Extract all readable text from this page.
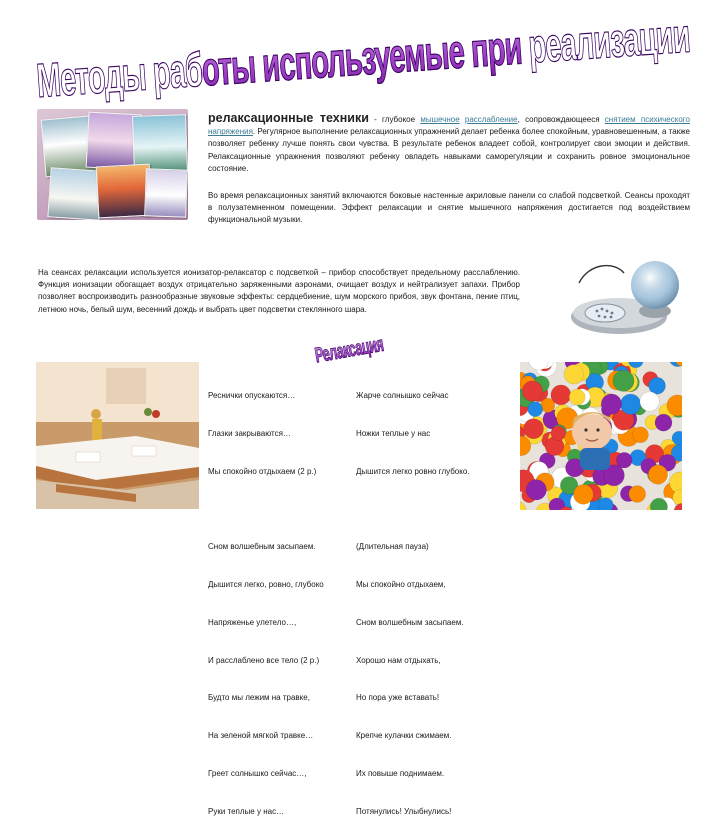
Методы работы используемые при реализации
релаксационные техники - глубокое мышечное расслабление, сопровождающееся снятием психического напряжения. Регулярное выполнение релаксационных упражнений делает ребенка более спокойным, уравновешенным, а также позволяет ребенку лучше понять свои чувства. В результате ребенок владеет собой, контролирует свои эмоции и действия. Релаксационные упражнения позволяют ребенку овладеть навыками саморегуляции и сохранить ровное эмоциональное состояние.
Во время релаксационных занятий включаются боковые настенные акриловые панели со слабой подсветкой. Сеансы проходят в полузатемненном помещении. Эффект релаксации и снятие мышечного напряжения достигается под воздействием функциональной музыки.
На сеансах релаксации используется ионизатор-релаксатор с подсветкой – прибор способствует предельному расслаблению. Функция ионизации обогащает воздух отрицательно заряженными аэронами, очищает воздух и нейтрализует запахи. Прибор позволяет воспроизводить разнообразные звуковые эффекты: сердцебиение, шум морского прибоя, звук фонтана, пение птиц, летнюю ночь, белый шум, весенний дождь и выбрать цвет подсветки стеклянного шара.
Релаксация

Реснички опускаются…

Глазки закрываются…

Мы спокойно отдыхаем (2 р.)

Сном волшебным засыпаем.

Дышится легко, ровно, глубоко

Напряженье улетело…,

И расслаблено все тело (2 р.)

Будто мы лежим на травке,

На зеленой мягкой травке…

Греет солнышко сейчас…,

Руки теплые у нас…

Жарче солнышко сейчас

Ножки теплые у нас

Дышится легко ровно глубоко.

(Длительная пауза)

Мы спокойно отдыхаем,

Сном волшебным засыпаем.

Хорошо нам отдыхать,

Но пора уже вставать!

Крепче кулачки сжимаем.

Их повыше поднимаем.

Потянулись! Улыбнулись!
